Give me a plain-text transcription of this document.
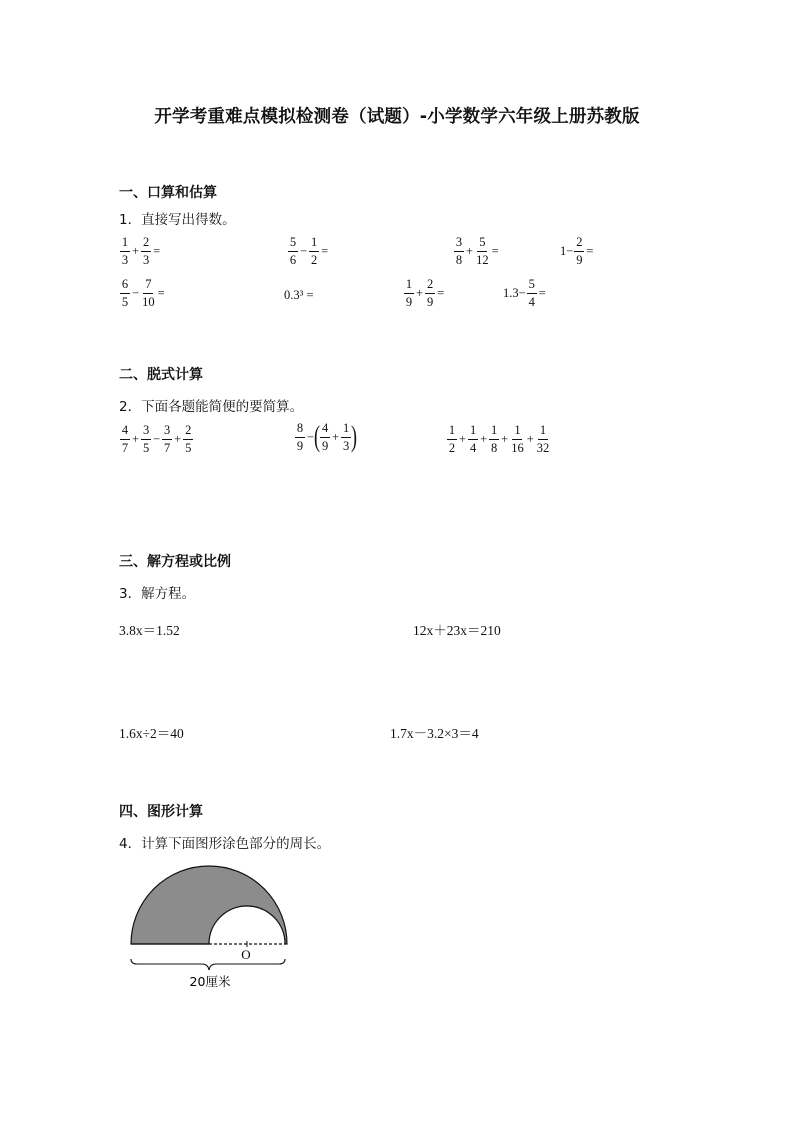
开学考重难点模拟检测卷（试题）-小学数学六年级上册苏教版
一、口算和估算
1．直接写出得数。
$\frac{1}{3} + \frac{2}{3}$ =	$\frac{5}{6} - \frac{1}{2}$ =	$\frac{3}{8} + \frac{5}{12}$ =	$1- \frac{2}{9}$ =
$\frac{6}{5} - \frac{7}{10}$ =	0.3³ =	$\frac{1}{9} + \frac{2}{9}$ =	$1.3- \frac{5}{4}$ =
二、脱式计算
2．下面各题能简便的要简算。
$\frac{4}{7} + \frac{3}{5} - \frac{3}{7} + \frac{2}{5}$	$\frac{8}{9}$ − ( $\frac{4}{9} + \frac{1}{3}$ )	$\frac{1}{2} + \frac{1}{4} + \frac{1}{8} + \frac{1}{16} + \frac{1}{32}$
三、解方程或比例
3．解方程。
3.8x＝1.52	12x＋23x＝210
1.6x÷2＝40	1.7x－3.2×3＝4
四、图形计算
4．计算下面图形涂色部分的周长。
O
20厘米
